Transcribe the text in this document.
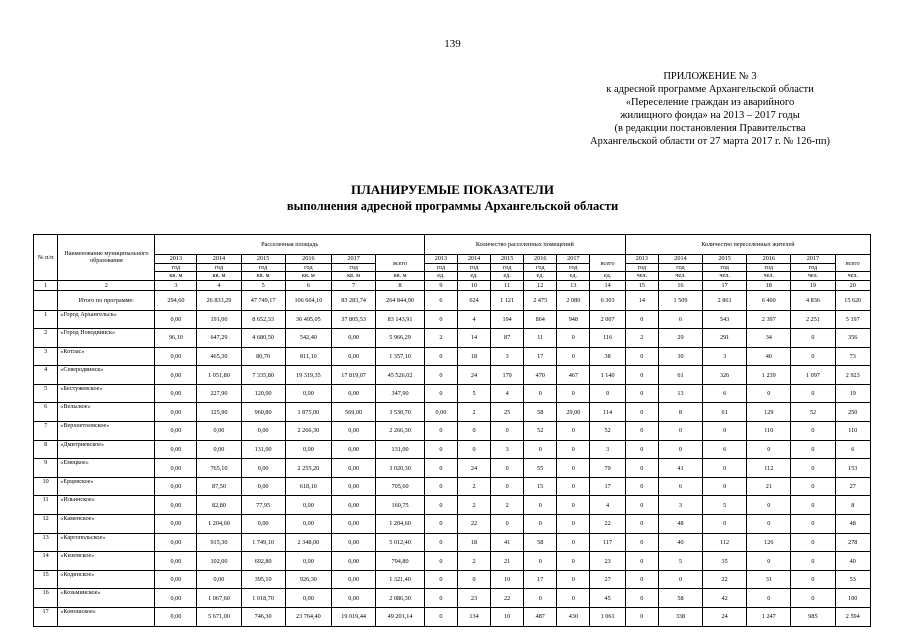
139
ПРИЛОЖЕНИЕ № 3
к адресной программе Архангельской области
«Переселение граждан из аварийного
жилищного фонда» на 2013 – 2017 годы
(в редакции постановления Правительства
Архангельской области от 27 марта 2017 г. № 126-пп)
ПЛАНИРУЕМЫЕ ПОКАЗАТЕЛИ
выполнения адресной программы Архангельской области
№ п/п	Наименование муниципального образования	Расселенная площадь						Количество расселенных помещений						Количество переселенных жителей					
		2013	2014	2015	2016	2017	всего	2013	2014	2015	2016	2017	всего	2013	2014	2015	2016	2017	всего
		год	год	год	год	год		год	год	год	год	год		год	год	год	год	год	
		кв. м	кв. м	кв. м	кв. м	кв. м	кв. м	ед.	ед.	ед.	ед.	ед.	ед.	чел.	чел.	чел.	чел.	чел.	чел.
1	2	3	4	5	6	7	8	9	10	11	12	13	14	15	16	17	18	19	20
	Итого по программе:	294,60	26 833,29	47 749,17	106 664,10	83 283,74	264 844,90	6	624	1 121	2 475	2 080	6 303	14	1 509	2 861	6 400	4 836	15 620
1	«Город Архангельск»	0,00	191,00	8 652,33	36 495,05	37 805,53	83 143,91	0	4	194	864	948	2 007	0	6	543	2 397	2 251	5 197
2	«Город Новодвинск»	96,10	647,29	4 680,50	542,40	0,00	5 966,29	2	14	87	11	0	116	2	29	291	34	0	356
3	«Котлас»	0,00	465,30	80,70	811,10	0,00	1 357,10	0	18	3	17	0	38	0	30	3	40	0	73
4	«Северодвинск»	0,00	1 051,80	7 335,80	19 319,35	17 819,07	45 526,02	0	24	179	470	467	1 140	0	61	326	1 239	1 097	2 923
5	«Бестужевское»	0,00	227,90	120,00	0,00	0,00	347,90	0	5	4	0	0	9	0	13	6	0	0	19
6	«Вельское»	0,00	125,90	960,80	1 875,00	569,00	3 530,70	0,00	2	25	58	29,00	114	0	8	61	129	52	250
7	«Верхнетоемское»	0,00	0,00	0,00	2 266,30	0,00	2 266,30	0	0	0	52	0	52	0	0	0	110	0	110
8	«Дмитриевское»	0,00	0,00	131,00	0,00	0,00	131,00	0	0	3	0	0	3	0	0	6	0	0	6
9	«Емецкое»	0,00	765,10	0,00	2 255,20	0,00	3 020,30	0	24	0	55	0	79	0	41	0	112	0	153
10	«Ерцевское»	0,00	87,50	0,00	618,10	0,00	705,60	0	2	0	15	0	17	0	6	0	21	0	27
11	«Ильинское»	0,00	82,80	77,95	0,00	0,00	160,75	0	2	2	0	0	4	0	3	5	0	0	8
12	«Каменское»	0,00	1 204,60	0,00	0,00	0,00	1 204,60	0	22	0	0	0	22	0	48	0	0	0	48
13	«Каргопольское»	0,00	915,30	1 749,10	2 348,00	0,00	5 012,40	0	18	41	58	0	117	0	40	112	126	0	278
14	«Киземское»	0,00	102,00	692,80	0,00	0,00	794,80	0	2	21	0	0	23	0	5	35	0	0	40
15	«Кодинское»	0,00	0,00	395,10	926,30	0,00	1 321,40	0	0	10	17	0	27	0	0	22	31	0	53
16	«Козьминское»	0,00	1 067,60	1 018,70	0,00	0,00	2 086,30	0	23	22	0	0	45	0	58	42	0	0	100
17	«Коношское»	0,00	5 671,00	746,30	23 764,40	19 019,44	49 201,14	0	134	10	487	430	1 061	0	338	24	1 247	985	2 594
